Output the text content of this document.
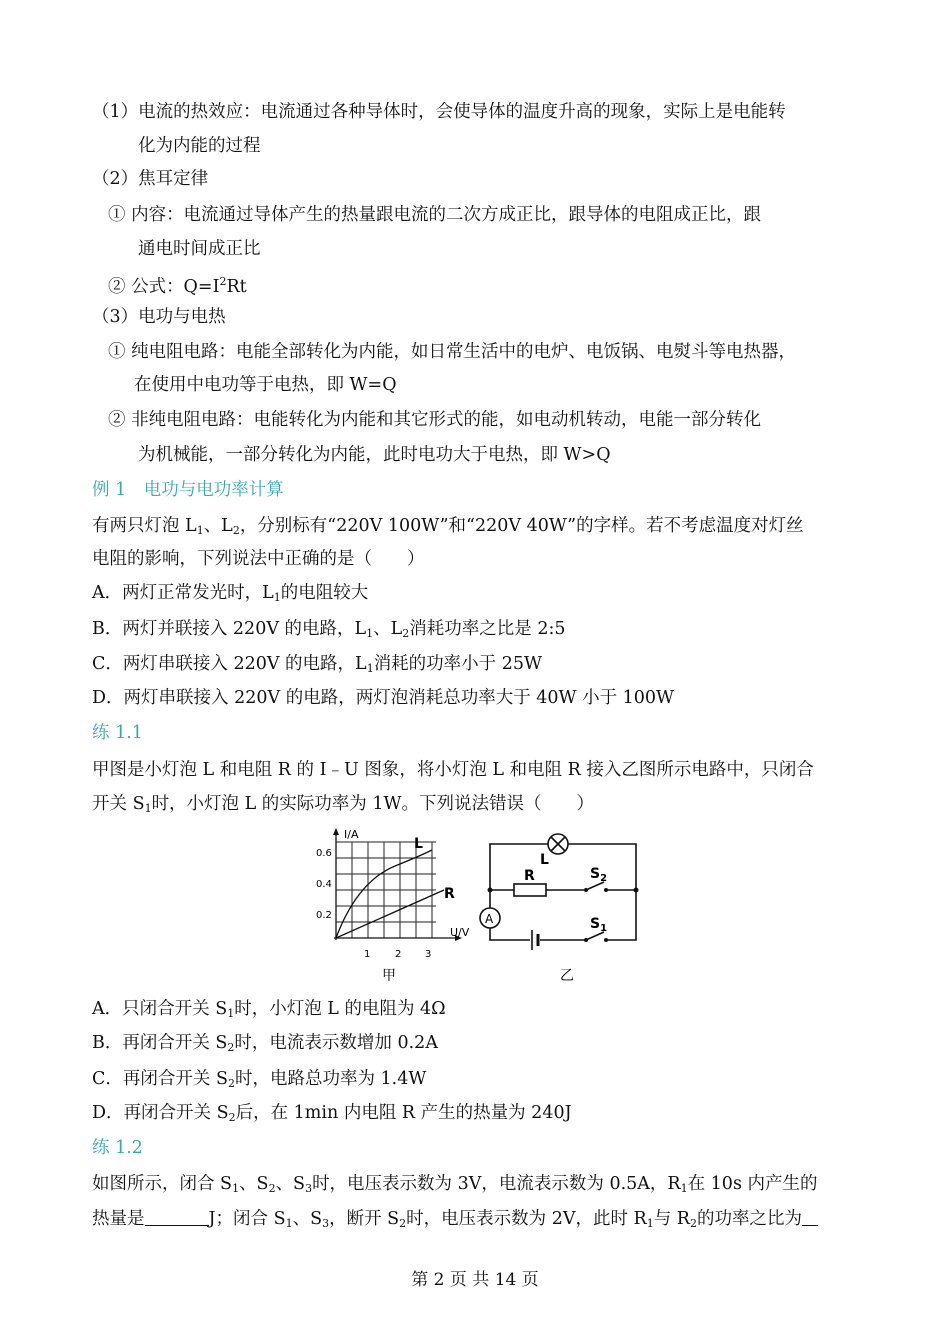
（1）电流的热效应：电流通过各种导体时，会使导体的温度升高的现象，实际上是电能转
化为内能的过程
（2）焦耳定律
① 内容：电流通过导体产生的热量跟电流的二次方成正比，跟导体的电阻成正比，跟
通电时间成正比
② 公式：$Q=I^2Rt$
（3）电功与电热
① 纯电阻电路：电能全部转化为内能，如日常生活中的电炉、电饭锅、电熨斗等电热器，
在使用中电功等于电热，即 W=Q
② 非纯电阻电路：电能转化为内能和其它形式的能，如电动机转动，电能一部分转化
为机械能，一部分转化为内能，此时电功大于电热，即 W>Q
例 1　电功与电功率计算
有两只灯泡 $L_1$、$L_2$，分别标有“220V 100W”和“220V 40W”的字样。若不考虑温度对灯丝
电阻的影响，下列说法中正确的是（　　）
A．两灯正常发光时，$L_1$的电阻较大
B．两灯并联接入 220V 的电路，$L_1$、$L_2$消耗功率之比是 2:5
C．两灯串联接入 220V 的电路，$L_1$消耗的功率小于 25W
D．两灯串联接入 220V 的电路，两灯泡消耗总功率大于 40W 小于 100W
练 1.1
甲图是小灯泡 L 和电阻 R 的 I﹣U 图象，将小灯泡 L 和电阻 R 接入乙图所示电路中，只闭合
开关 $S_1$时，小灯泡 L 的实际功率为 1W。下列说法错误（　　）
I/A
U/V
0.6
0.4
0.2
1 2 3
L
R
甲
L
R	$S_2$
A	$S_1$
乙
A．只闭合开关 $S_1$时，小灯泡 L 的电阻为 4Ω
B．再闭合开关 $S_2$时，电流表示数增加 0.2A
C．再闭合开关 $S_2$时，电路总功率为 1.4W
D．再闭合开关 $S_2$后，在 1min 内电阻 R 产生的热量为 240J
练 1.2
如图所示，闭合 $S_1$、$S_2$、$S_3$时，电压表示数为 3V，电流表示数为 0.5A，$R_1$在 10s 内产生的
热量是	J；闭合 $S_1$、$S_3$，断开 $S_2$时，电压表示数为 2V，此时 $R_1$与 $R_2$的功率之比为
第 2 页 共 14 页
